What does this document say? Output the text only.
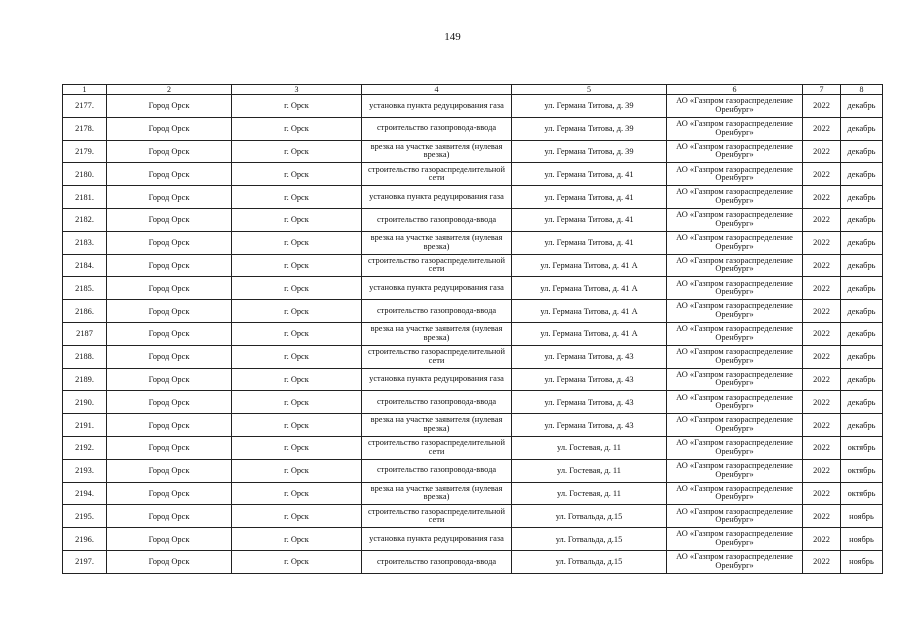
149
1	2	3	4	5	6	7	8
2177.	Город Орск	г. Орск	установка пункта редуцирования газа	ул. Германа Титова, д. 39	АО «Газпром газораспределение Оренбург»	2022	декабрь
2178.	Город Орск	г. Орск	строительство газопровода-ввода	ул. Германа Титова, д. 39	АО «Газпром газораспределение Оренбург»	2022	декабрь
2179.	Город Орск	г. Орск	врезка на участке заявителя (нулевая врезка)	ул. Германа Титова, д. 39	АО «Газпром газораспределение Оренбург»	2022	декабрь
2180.	Город Орск	г. Орск	строительство газораспределительной сети	ул. Германа Титова, д. 41	АО «Газпром газораспределение Оренбург»	2022	декабрь
2181.	Город Орск	г. Орск	установка пункта редуцирования газа	ул. Германа Титова, д. 41	АО «Газпром газораспределение Оренбург»	2022	декабрь
2182.	Город Орск	г. Орск	строительство газопровода-ввода	ул. Германа Титова, д. 41	АО «Газпром газораспределение Оренбург»	2022	декабрь
2183.	Город Орск	г. Орск	врезка на участке заявителя (нулевая врезка)	ул. Германа Титова, д. 41	АО «Газпром газораспределение Оренбург»	2022	декабрь
2184.	Город Орск	г. Орск	строительство газораспределительной сети	ул. Германа Титова, д. 41 А	АО «Газпром газораспределение Оренбург»	2022	декабрь
2185.	Город Орск	г. Орск	установка пункта редуцирования газа	ул. Германа Титова, д. 41 А	АО «Газпром газораспределение Оренбург»	2022	декабрь
2186.	Город Орск	г. Орск	строительство газопровода-ввода	ул. Германа Титова, д. 41 А	АО «Газпром газораспределение Оренбург»	2022	декабрь
2187	Город Орск	г. Орск	врезка на участке заявителя (нулевая врезка)	ул. Германа Титова, д. 41 А	АО «Газпром газораспределение Оренбург»	2022	декабрь
2188.	Город Орск	г. Орск	строительство газораспределительной сети	ул. Германа Титова, д. 43	АО «Газпром газораспределение Оренбург»	2022	декабрь
2189.	Город Орск	г. Орск	установка пункта редуцирования газа	ул. Германа Титова, д. 43	АО «Газпром газораспределение Оренбург»	2022	декабрь
2190.	Город Орск	г. Орск	строительство газопровода-ввода	ул. Германа Титова, д. 43	АО «Газпром газораспределение Оренбург»	2022	декабрь
2191.	Город Орск	г. Орск	врезка на участке заявителя (нулевая врезка)	ул. Германа Титова, д. 43	АО «Газпром газораспределение Оренбург»	2022	декабрь
2192.	Город Орск	г. Орск	строительство газораспределительной сети	ул. Гостевая, д. 11	АО «Газпром газораспределение Оренбург»	2022	октябрь
2193.	Город Орск	г. Орск	строительство газопровода-ввода	ул. Гостевая, д. 11	АО «Газпром газораспределение Оренбург»	2022	октябрь
2194.	Город Орск	г. Орск	врезка на участке заявителя (нулевая врезка)	ул. Гостевая, д. 11	АО «Газпром газораспределение Оренбург»	2022	октябрь
2195.	Город Орск	г. Орск	строительство газораспределительной сети	ул. Готвальда, д.15	АО «Газпром газораспределение Оренбург»	2022	ноябрь
2196.	Город Орск	г. Орск	установка пункта редуцирования газа	ул. Готвальда, д.15	АО «Газпром газораспределение Оренбург»	2022	ноябрь
2197.	Город Орск	г. Орск	строительство газопровода-ввода	ул. Готвальда, д.15	АО «Газпром газораспределение Оренбург»	2022	ноябрь
